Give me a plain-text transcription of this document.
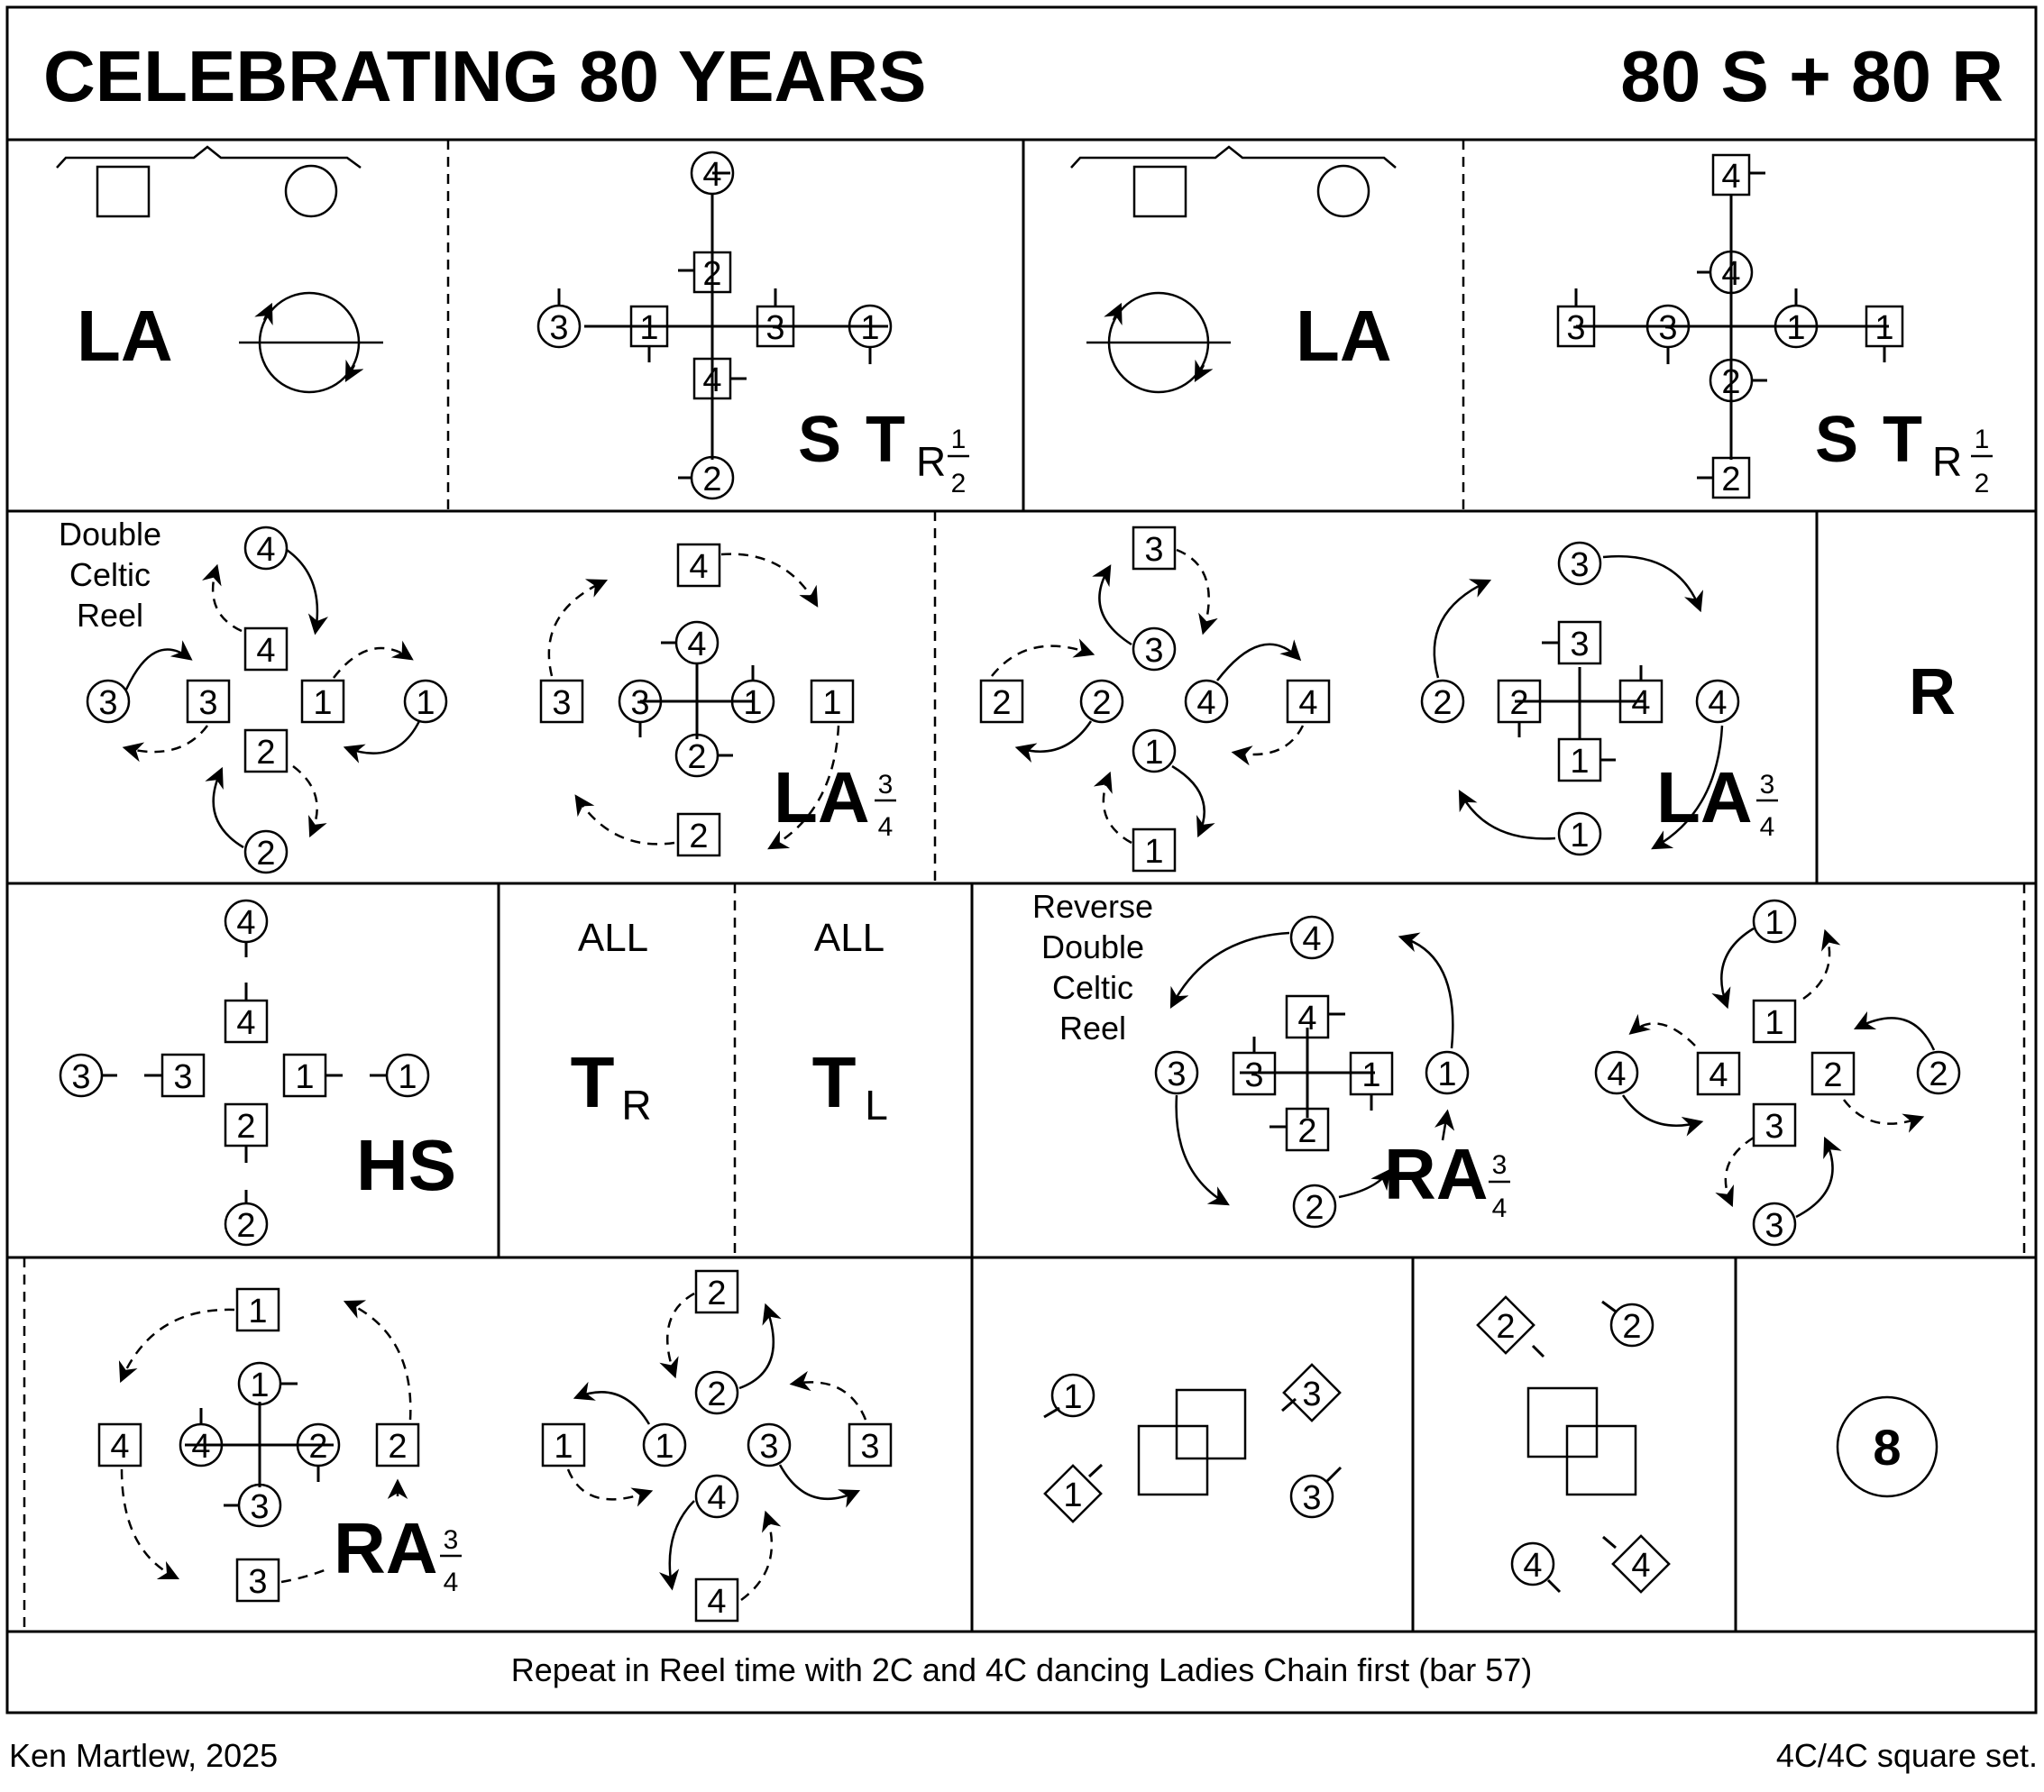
CELEBRATING 80 YEARS	80 S + 80 R
LA
4
2
4
2
3 1	3 1
S T R 1
2
LA
4
4
2
2
3 3	1 1
S T R 1
2
Double
Celtic
Reel
4
4
3	1
2
3	1
2
4
3	1
2
4
3	1
2 LA 3
4
3
3
2 2 4 4
1
1
3
3
2	4
1
2	4
1 LA 3
4
R
4
4
3 3	1 1
2
2
HS
ALL
T R
ALL
T L
Reverse
Double
Celtic
Reel
4
4
3	1
2
3	1
2 RA 3
4
1
1
4 4	2	2
3
3
1
1
4	2
3
4	2
3 RA 3
4
2
2
1 1 3 3
4
4
1
1
3
3
2	2
4	4
8
Repeat in Reel time with 2C and 4C dancing Ladies Chain first (bar 57)
Ken Martlew, 2025	4C/4C square set.
